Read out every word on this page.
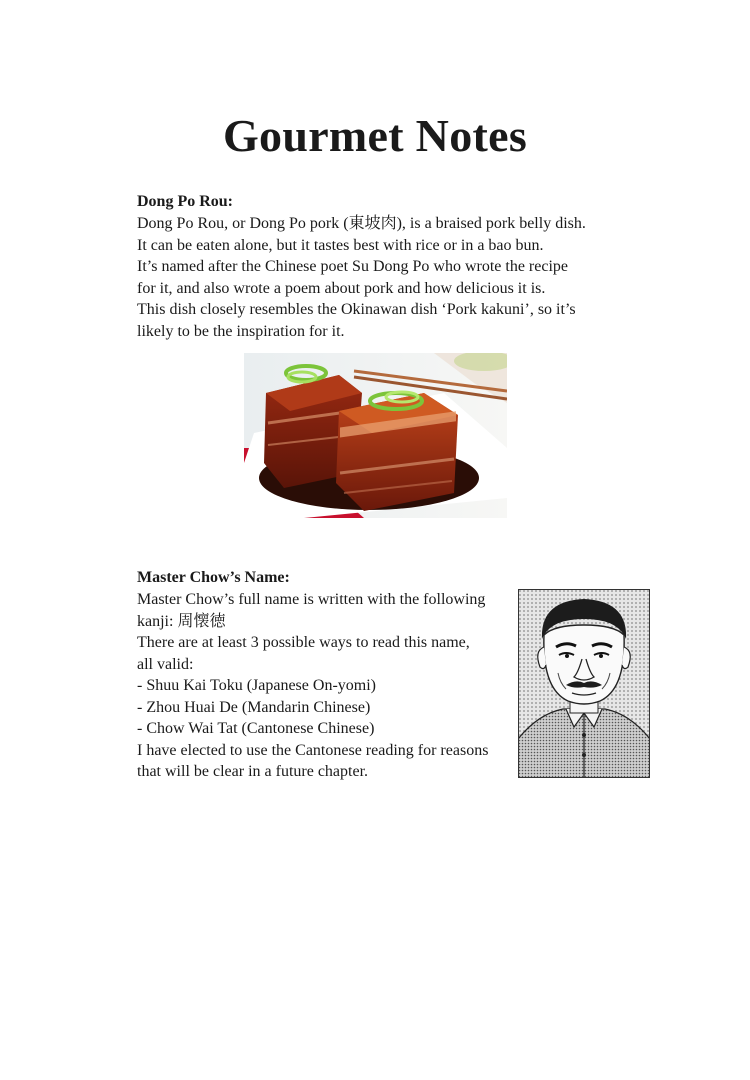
Gourmet Notes
Dong Po Rou:

Dong Po Rou, or Dong Po pork (東坡肉), is a braised pork belly dish.

It can be eaten alone, but it tastes best with rice or in a bao bun.

It’s named after the Chinese poet Su Dong Po who wrote the recipe

for it, and also wrote a poem about pork and how delicious it is.

This dish closely resembles the Okinawan dish ‘Pork kakuni’, so it’s

likely to be the inspiration for it.

Master Chow’s Name:

Master Chow’s full name is written with the following

kanji: 周懐徳

There are at least 3 possible ways to read this name,

all valid:

- Shuu Kai Toku (Japanese On-yomi)

- Zhou Huai De (Mandarin Chinese)

- Chow Wai Tat (Cantonese Chinese)

I have elected to use the Cantonese reading for reasons

that will be clear in a future chapter.
